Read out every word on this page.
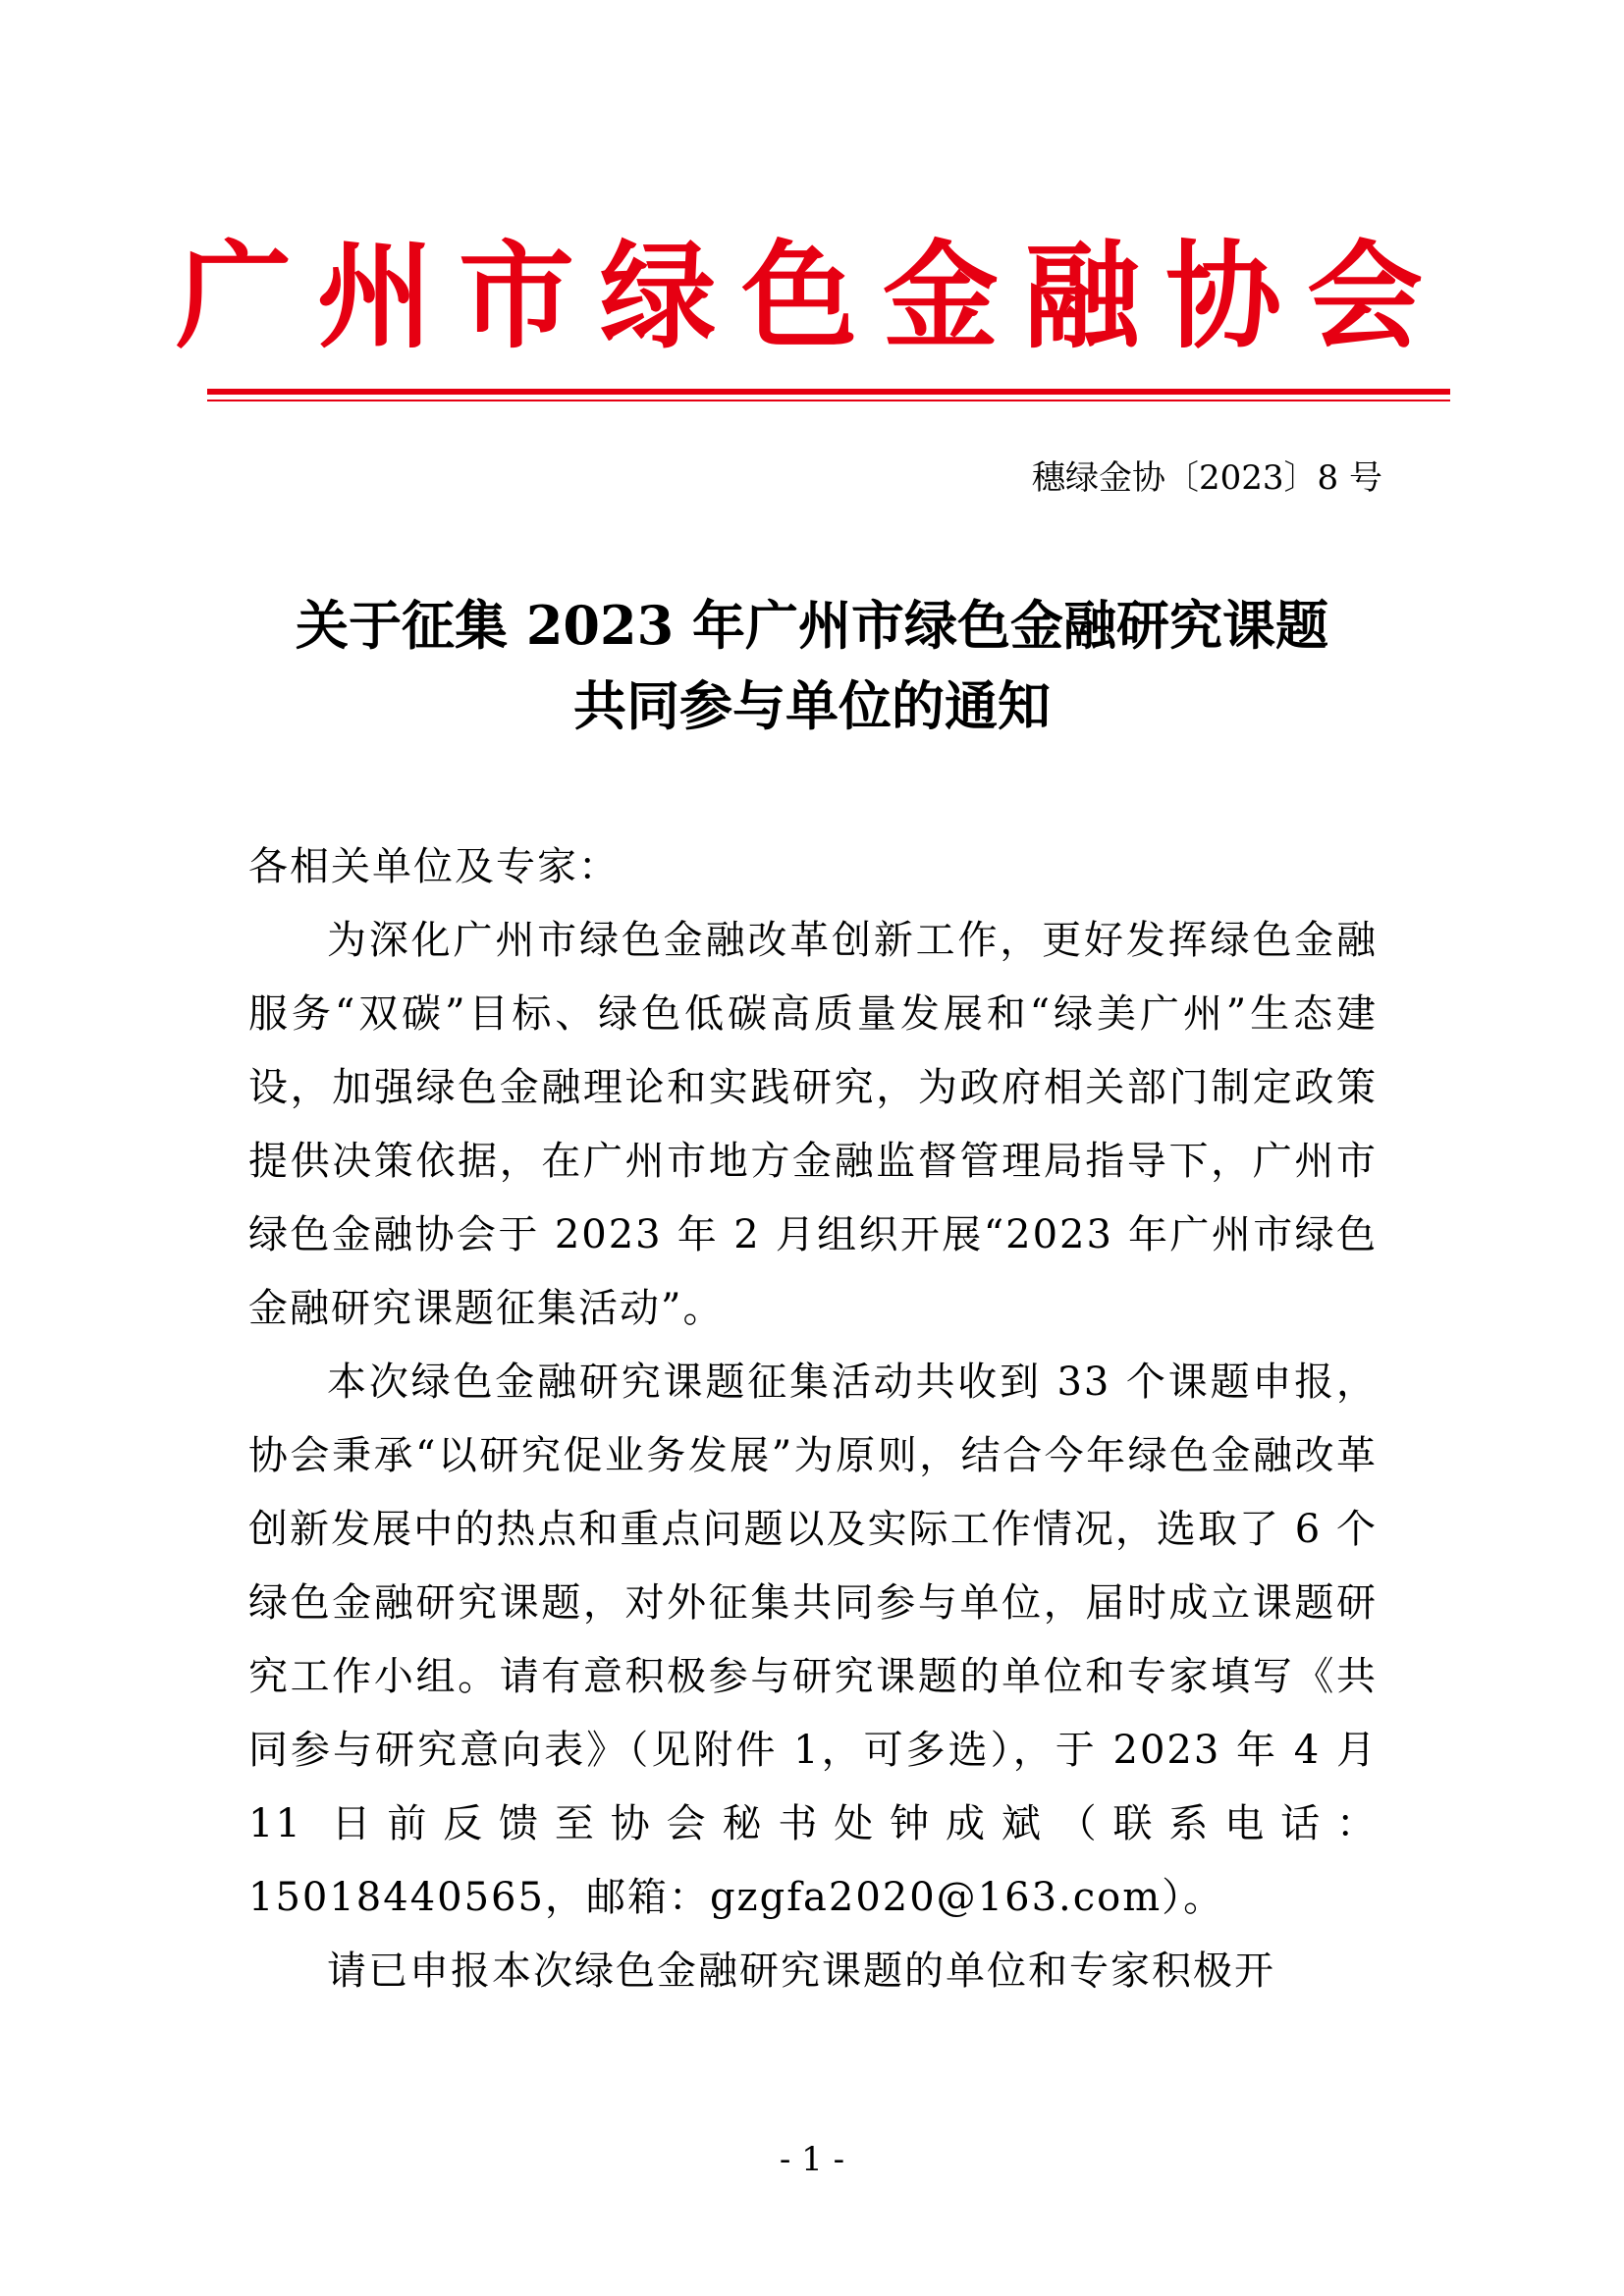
广州市绿色金融协会
穗绿金协〔2023〕8 号
关于征集 2023 年广州市绿色金融研究课题
共同参与单位的通知

各相关单位及专家：

为深化广州市绿色金融改革创新工作，更好发挥绿色金融服务“双碳”目标、绿色低碳高质量发展和“绿美广州”生态建设，加强绿色金融理论和实践研究，为政府相关部门制定政策提供决策依据，在广州市地方金融监督管理局指导下，广州市绿色金融协会于 2023 年 2 月组织开展“2023 年广州市绿色金融研究课题征集活动”。

本次绿色金融研究课题征集活动共收到 33 个课题申报，协会秉承“以研究促业务发展”为原则，结合今年绿色金融改革创新发展中的热点和重点问题以及实际工作情况，选取了 6 个绿色金融研究课题，对外征集共同参与单位，届时成立课题研究工作小组。请有意积极参与研究课题的单位和专家填写《共同参与研究意向表》（见附件 1，可多选），于 2023 年 4 月 11 日前反馈至协会秘书处钟成斌（联系电话：15018440565，邮箱：gzgfa2020@163.com）。

请已申报本次绿色金融研究课题的单位和专家积极开

- 1 -
